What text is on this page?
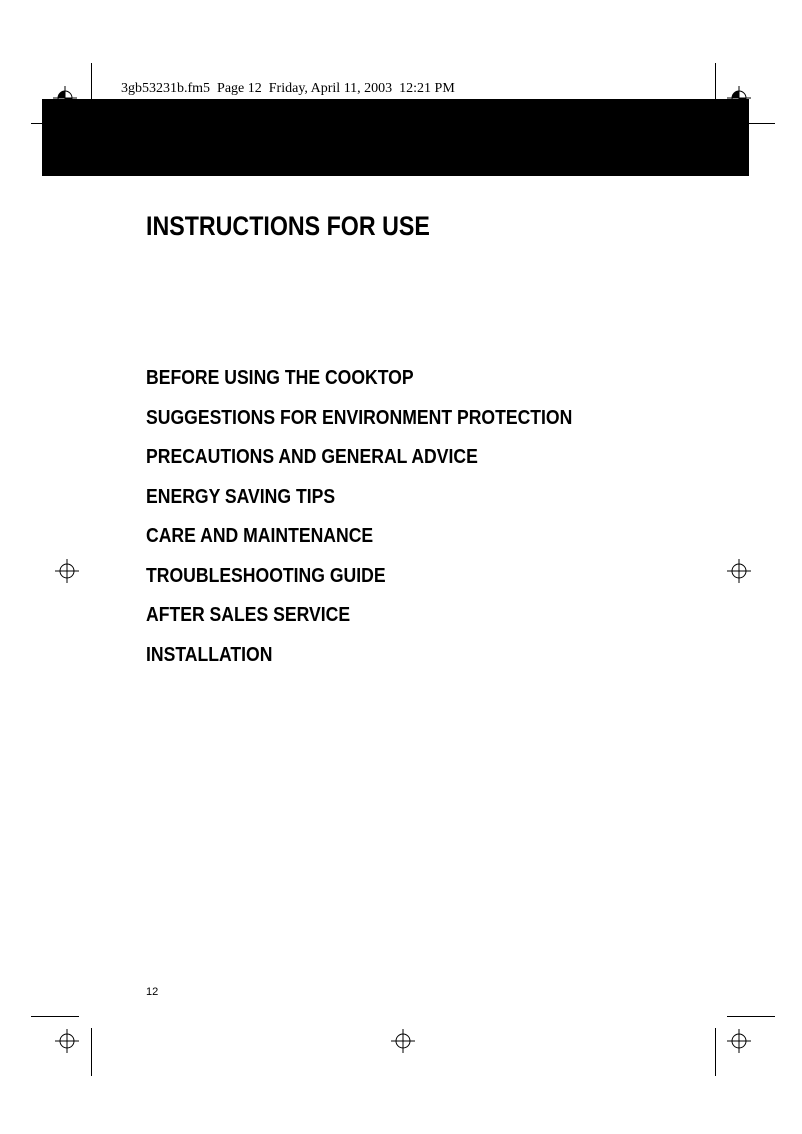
3gb53231b.fm5  Page 12  Friday, April 11, 2003  12:21 PM
INSTRUCTIONS FOR USE
BEFORE USING THE COOKTOP
SUGGESTIONS FOR ENVIRONMENT PROTECTION
PRECAUTIONS AND GENERAL ADVICE
ENERGY SAVING TIPS
CARE AND MAINTENANCE
TROUBLESHOOTING GUIDE
AFTER SALES SERVICE
INSTALLATION
12
